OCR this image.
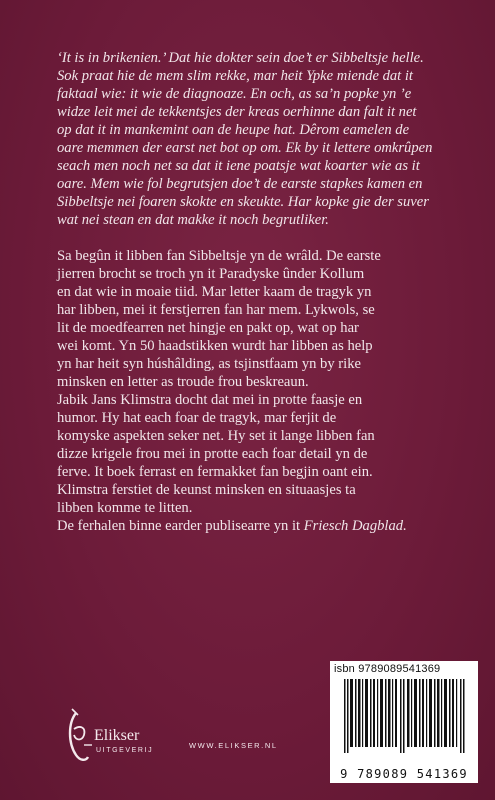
‘It is in brikenien.’ Dat hie dokter sein doe’t er Sibbeltsje helle.

Sok praat hie de mem slim rekke, mar heit Ypke miende dat it

faktaal wie: it wie de diagnoaze. En och, as sa’n popke yn ’e

widze leit mei de tekkentsjes der kreas oerhinne dan falt it net

op dat it in mankemint oan de heupe hat. Dêrom eamelen de

oare memmen der earst net bot op om. Ek by it lettere omkrûpen

seach men noch net sa dat it iene poatsje wat koarter wie as it

oare. Mem wie fol begrutsjen doe’t de earste stapkes kamen en

Sibbeltsje nei foaren skokte en skeukte. Har kopke gie der suver

wat nei stean en dat makke it noch begrutliker.

Sa begûn it libben fan Sibbeltsje yn de wrâld. De earste

jierren brocht se troch yn it Paradyske ûnder Kollum

en dat wie in moaie tiid. Mar letter kaam de tragyk yn

har libben, mei it ferstjerren fan har mem. Lykwols, se

lit de moedfearren net hingje en pakt op, wat op har

wei komt. Yn 50 haadstikken wurdt har libben as help

yn har heit syn húshâlding, as tsjinstfaam yn by rike

minsken en letter as troude frou beskreaun.

Jabik Jans Klimstra docht dat mei in protte faasje en

humor. Hy hat each foar de tragyk, mar ferjit de

komyske aspekten seker net. Hy set it lange libben fan

dizze krigele frou mei in protte each foar detail yn de

ferve. It boek ferrast en fermakket fan begjin oant ein.

Klimstra ferstiet de keunst minsken en situaasjes ta

libben komme te litten.

De ferhalen binne earder publisearre yn it Friesch Dagblad.

Elikser
UITGEVERIJ
WWW.ELIKSER.NL
isbn 9789089541369
9 789089 541369
